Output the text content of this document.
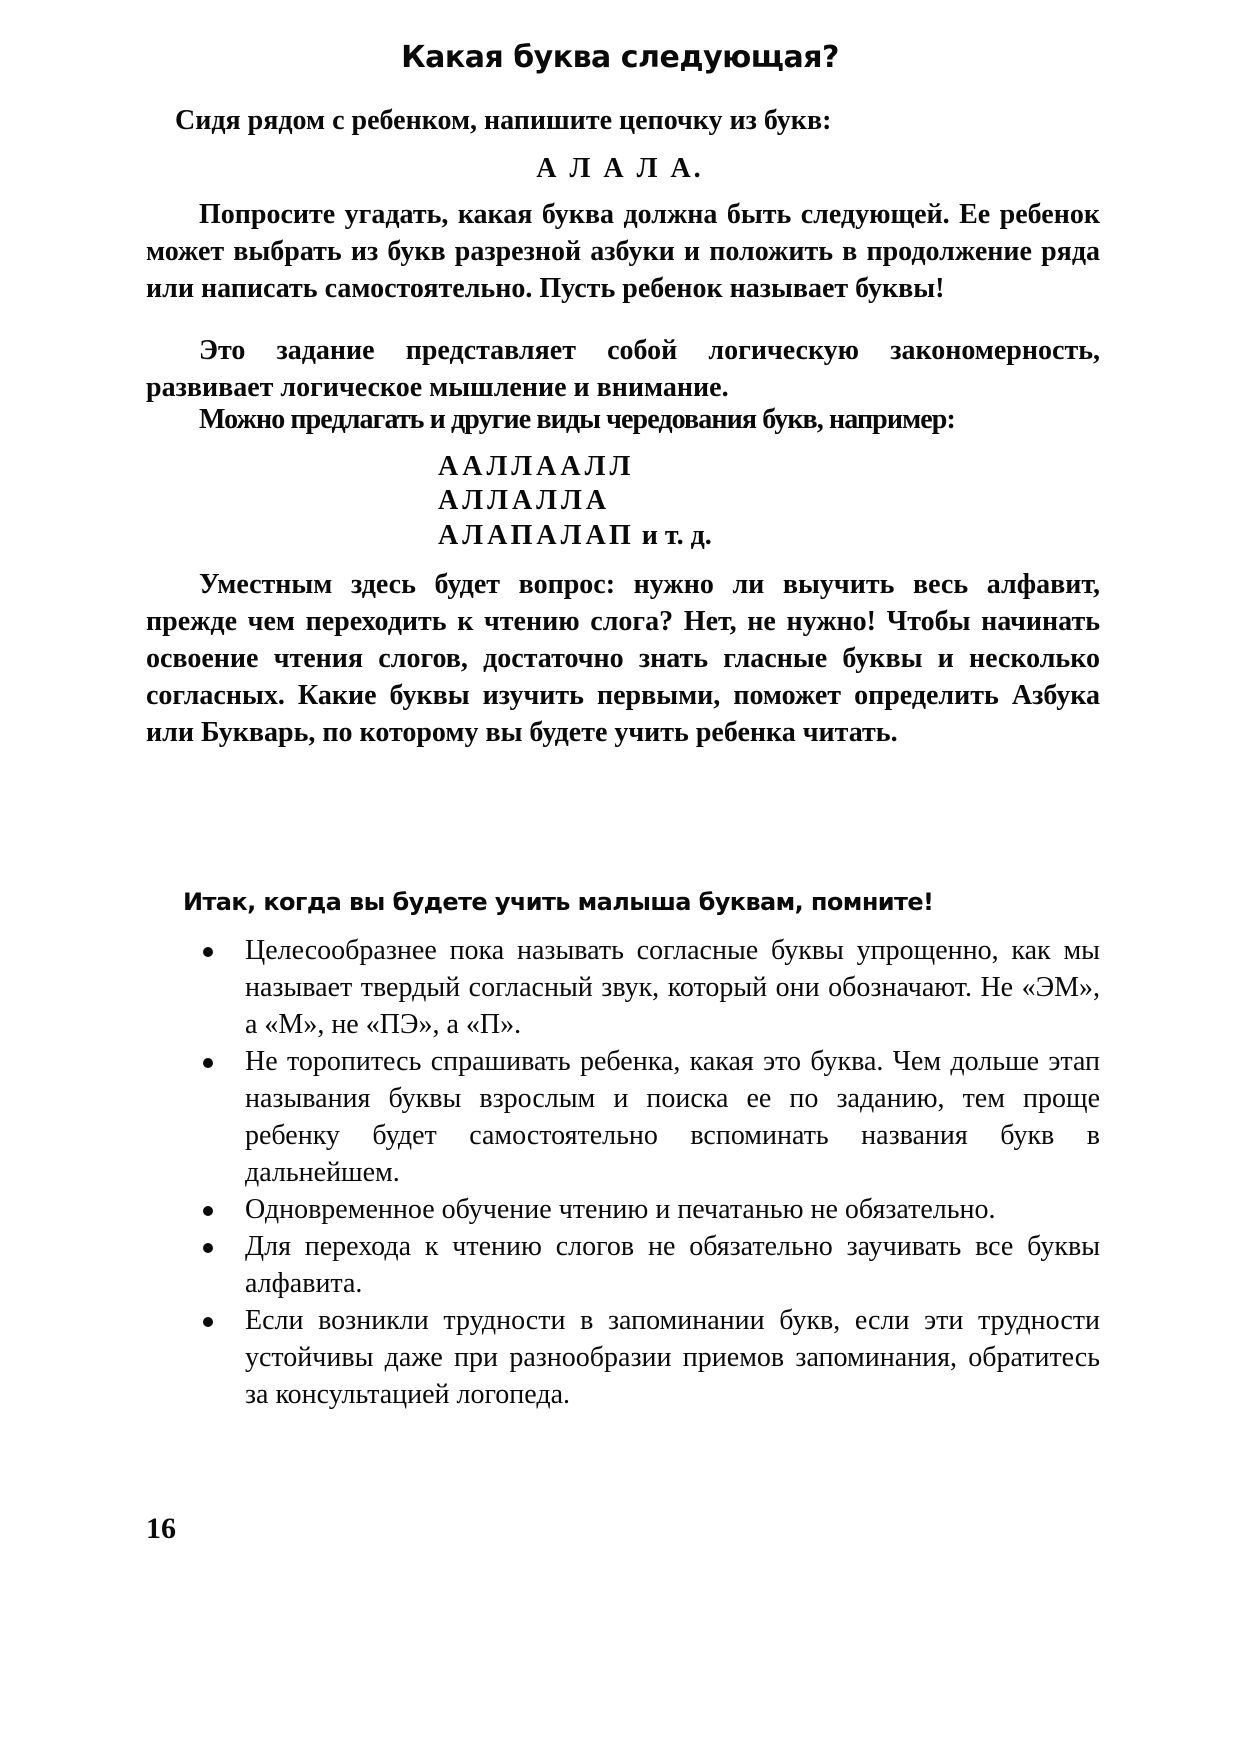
Какая буква следующая?
Сидя рядом с ребенком, напишите цепочку из букв:
А Л А Л А.

Попросите угадать, какая буква должна быть следующей. Ее ребенок может выбрать из букв разрезной азбуки и положить в продолжение ряда или написать самостоятельно. Пусть ребенок называет буквы!

Это задание представляет собой логическую закономерность, развивает логическое мышление и внимание.

Можно предлагать и другие виды чередования букв, например:

ААЛЛААЛЛ
АЛЛАЛЛА
АЛАПАЛАП и т. д.

Уместным здесь будет вопрос: нужно ли выучить весь алфавит, прежде чем переходить к чтению слога? Нет, не нужно! Чтобы начинать освоение чтения слогов, достаточно знать гласные буквы и несколько согласных. Какие буквы изучить первыми, поможет определить Азбука или Букварь, по которому вы будете учить ребенка читать.

Итак, когда вы будете учить малыша буквам, помните!
Целесообразнее пока называть согласные буквы упрощенно, как мы называет твердый согласный звук, который они обозначают. Не «ЭМ», а «М», не «ПЭ», а «П».
Не торопитесь спрашивать ребенка, какая это буква. Чем дольше этап называния буквы взрослым и поиска ее по заданию, тем проще ребенку будет самостоятельно вспоминать названия букв в дальнейшем.
Одновременное обучение чтению и печатанью не обязательно.
Для перехода к чтению слогов не обязательно заучивать все буквы алфавита.
Если возникли трудности в запоминании букв, если эти трудности устойчивы даже при разнообразии приемов запоминания, обратитесь за консультацией логопеда.
16
